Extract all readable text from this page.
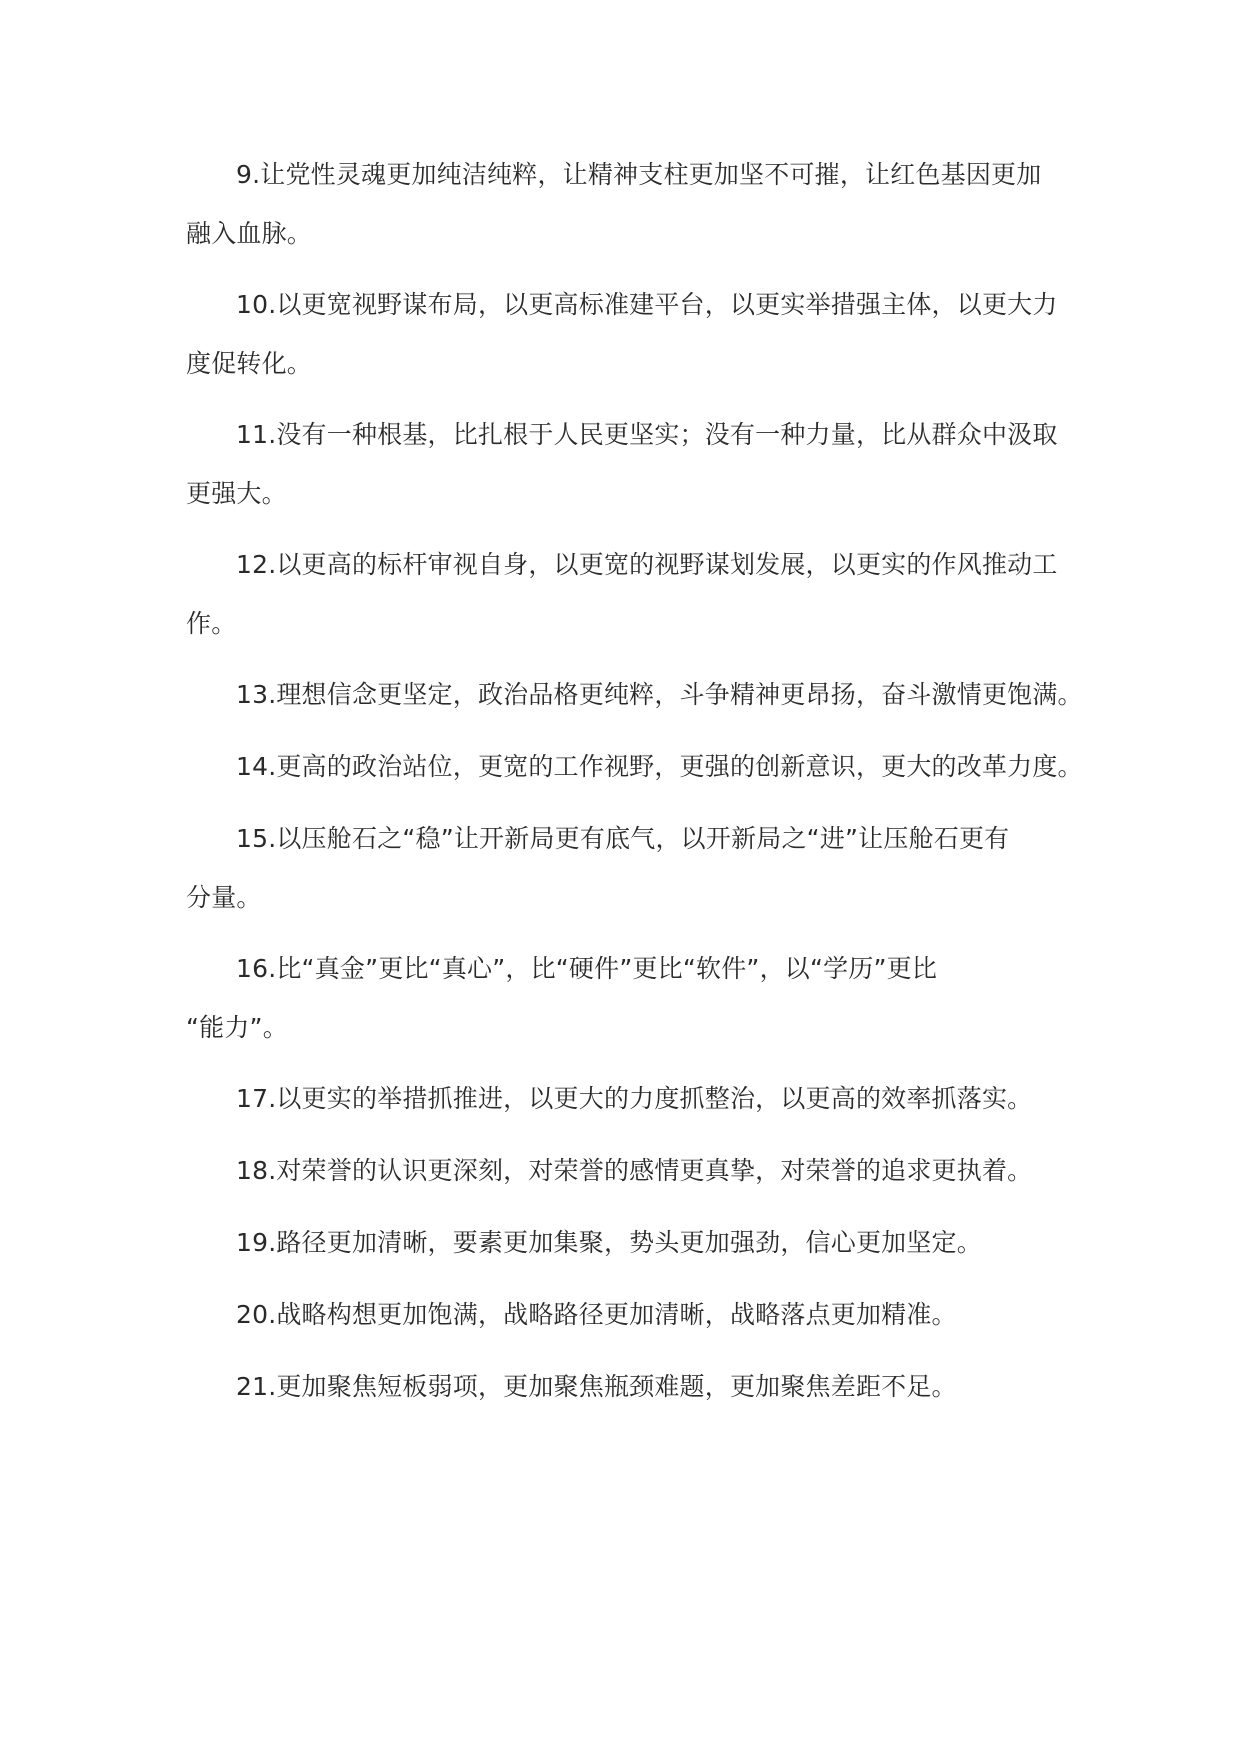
9.让党性灵魂更加纯洁纯粹，让精神支柱更加坚不可摧，让红色基因更加
融入血脉。
10.以更宽视野谋布局，以更高标准建平台，以更实举措强主体，以更大力
度促转化。
11.没有一种根基，比扎根于人民更坚实；没有一种力量，比从群众中汲取
更强大。
12.以更高的标杆审视自身，以更宽的视野谋划发展，以更实的作风推动工
作。
13.理想信念更坚定，政治品格更纯粹，斗争精神更昂扬，奋斗激情更饱满。
14.更高的政治站位，更宽的工作视野，更强的创新意识，更大的改革力度。
15.以压舱石之“稳”让开新局更有底气，以开新局之“进”让压舱石更有
分量。
16.比“真金”更比“真心”，比“硬件”更比“软件”，以“学历”更比
“能力”。
17.以更实的举措抓推进，以更大的力度抓整治，以更高的效率抓落实。
18.对荣誉的认识更深刻，对荣誉的感情更真挚，对荣誉的追求更执着。
19.路径更加清晰，要素更加集聚，势头更加强劲，信心更加坚定。
20.战略构想更加饱满，战略路径更加清晰，战略落点更加精准。
21.更加聚焦短板弱项，更加聚焦瓶颈难题，更加聚焦差距不足。
